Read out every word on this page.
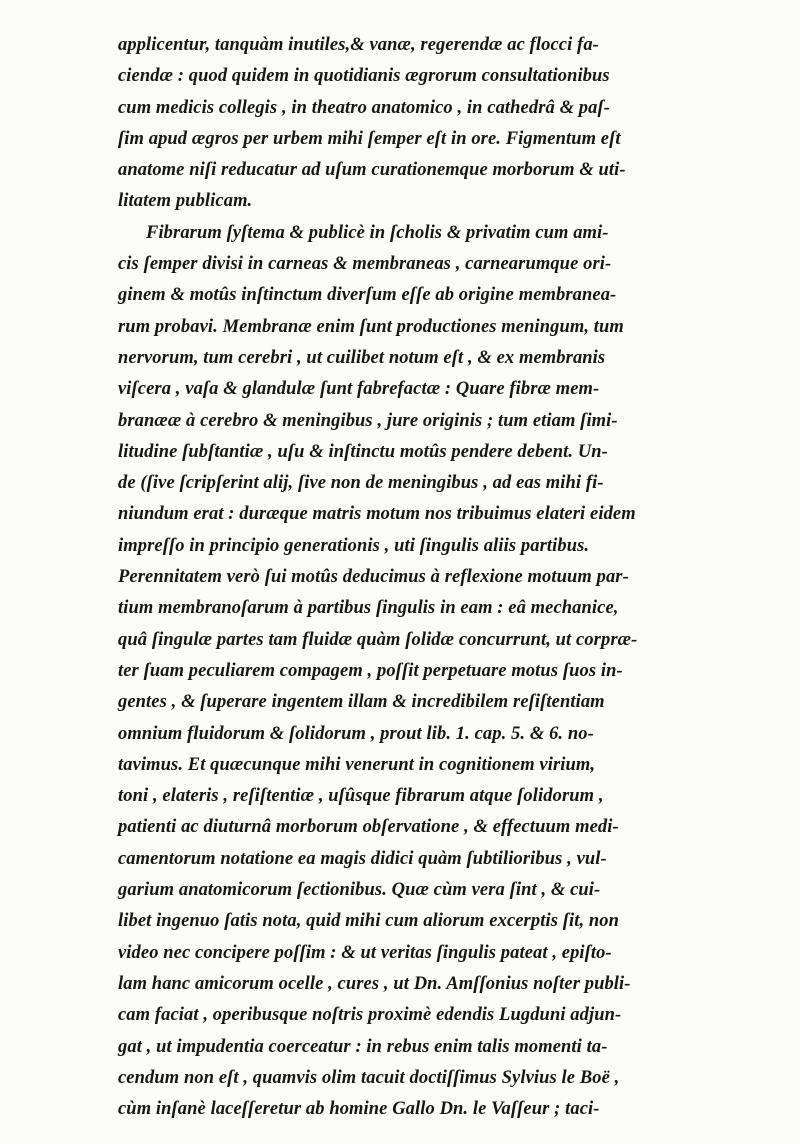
applicentur, tanquàm inutiles,& vanæ, regerendæ ac flocci fa-
ciendæ : quod quidem in quotidianis ægrorum consultationibus
cum medicis collegis , in theatro anatomico , in cathedrâ & paſ-
ſim apud ægros per urbem mihi ſemper eſt in ore. Figmentum eſt
anatome niſi reducatur ad uſum curationemque morborum & uti-
litatem publicam.
Fibrarum ſyſtema & publicè in ſcholis & privatim cum ami-
cis ſemper divisi in carneas & membraneas , carnearumque ori-
ginem & motûs inſtinctum diverſum eſſe ab origine membranea-
rum probavi. Membranæ enim ſunt productiones meningum, tum
nervorum, tum cerebri , ut cuilibet notum eſt , & ex membranis
viſcera , vaſa & glandulæ ſunt fabrefactæ : Quare fibræ mem-
branææ à cerebro & meningibus , jure originis ; tum etiam ſimi-
litudine ſubſtantiæ , uſu & inſtinctu motûs pendere debent. Un-
de (ſive ſcripſerint alij, ſive non de meningibus , ad eas mihi fi-
niundum erat : duræque matris motum nos tribuimus elateri eidem
impreſſo in principio generationis , uti ſingulis aliis partibus.
Perennitatem verò ſui motûs deducimus à reflexione motuum par-
tium membranoſarum à partibus ſingulis in eam : eâ mechanice,
quâ ſingulæ partes tam fluidæ quàm ſolidæ concurrunt, ut corpræ-
ter ſuam peculiarem compagem , poſſit perpetuare motus ſuos in-
gentes , & ſuperare ingentem illam & incredibilem reſiſtentiam
omnium fluidorum & ſolidorum , prout lib. 1. cap. 5. & 6. no-
tavimus. Et quæcunque mihi venerunt in cognitionem virium,
toni , elateris , reſiſtentiæ , uſûsque fibrarum atque ſolidorum ,
patienti ac diuturnâ morborum obſervatione , & effectuum medi-
camentorum notatione ea magis didici quàm ſubtilioribus , vul-
garium anatomicorum ſectionibus. Quæ cùm vera ſint , & cui-
libet ingenuo ſatis nota, quid mihi cum aliorum excerptis ſit, non
video nec concipere poſſim : & ut veritas ſingulis pateat , epiſto-
lam hanc amicorum ocelle , cures , ut Dn. Amſſonius noſter publi-
cam faciat , operibusque noſtris proximè edendis Lugduni adjun-
gat , ut impudentia coerceatur : in rebus enim talis momenti ta-
cendum non eſt , quamvis olim tacuit doctiſſimus Sylvius le Boë ,
cùm inſanè laceſſeretur ab homine Gallo Dn. le Vaſſeur ; taci-
